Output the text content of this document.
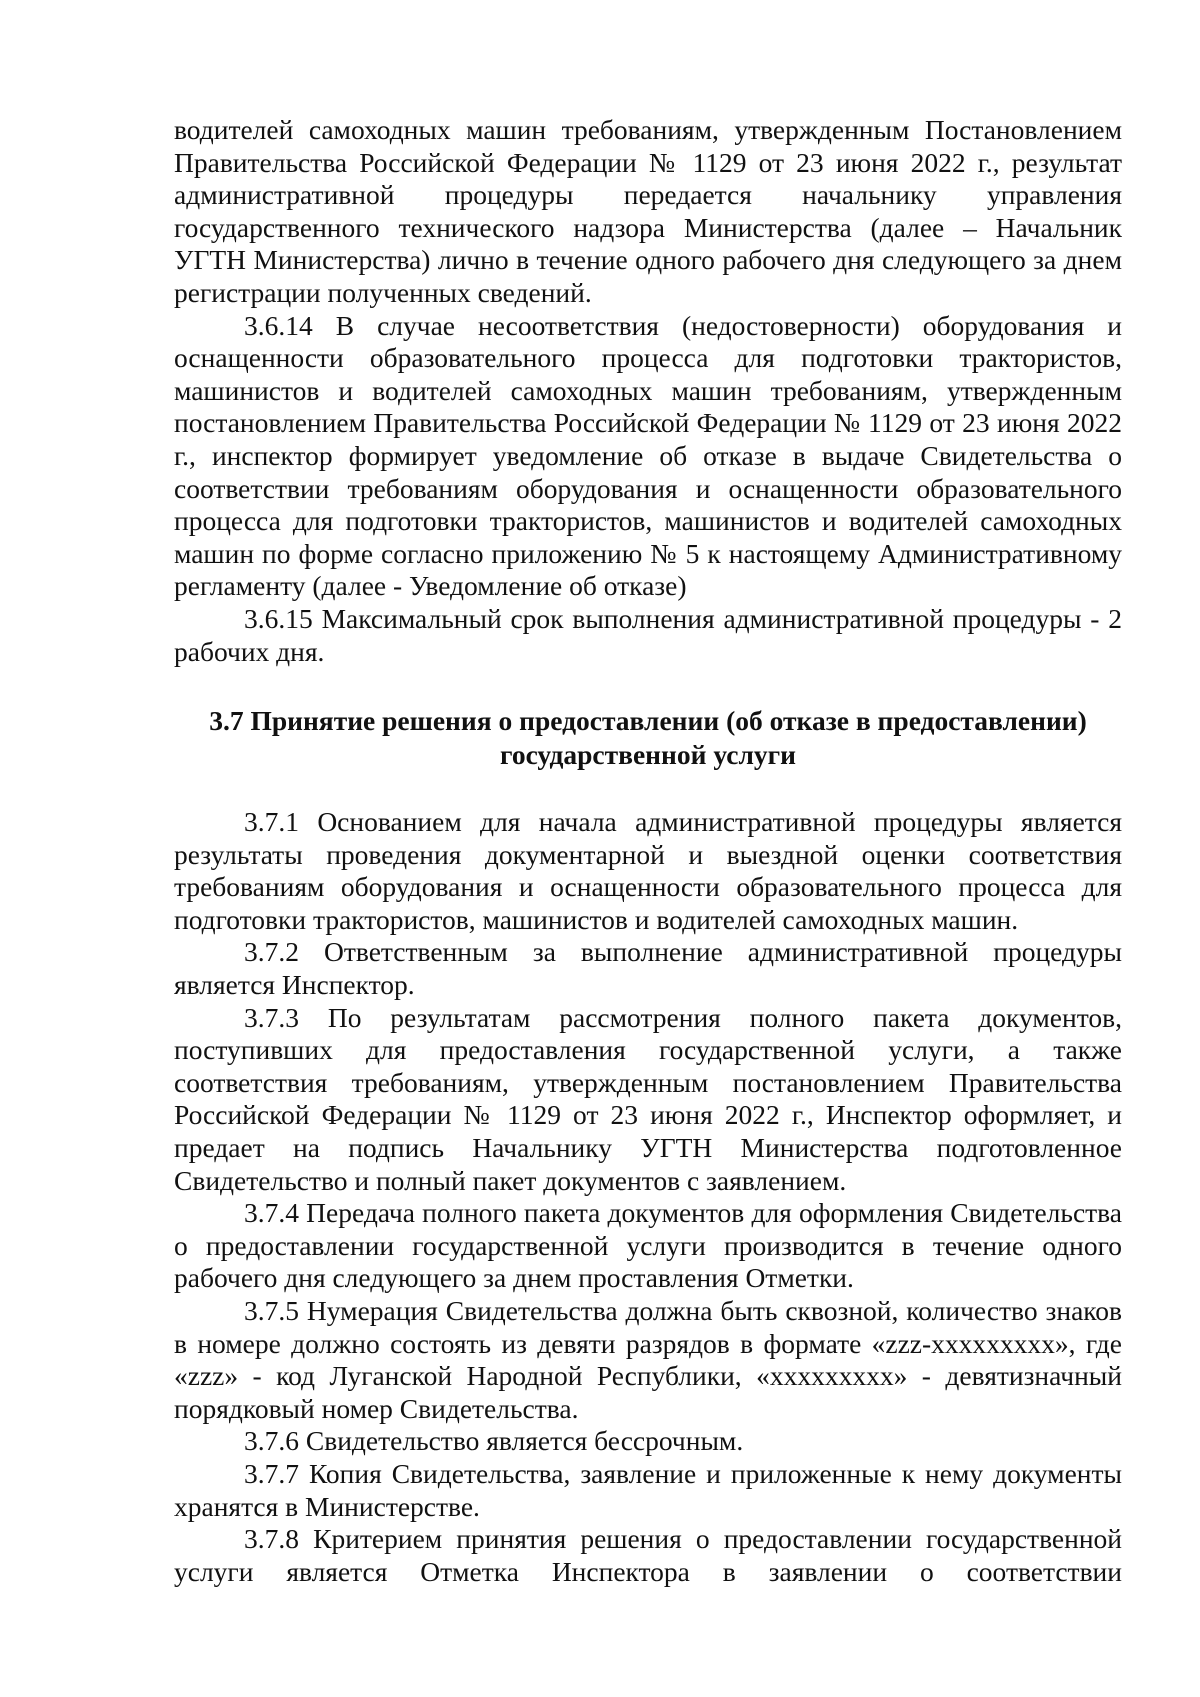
водителей самоходных машин требованиям, утвержденным Постановлением Правительства Российской Федерации № 1129 от 23 июня 2022 г., результат административной процедуры передается начальнику управления государственного технического надзора Министерства (далее – Начальник УГТН Министерства) лично в течение одного рабочего дня следующего за днем регистрации полученных сведений.

3.6.14 В случае несоответствия (недостоверности) оборудования и оснащенности образовательного процесса для подготовки трактористов, машинистов и водителей самоходных машин требованиям, утвержденным постановлением Правительства Российской Федерации № 1129 от 23 июня 2022 г., инспектор формирует уведомление об отказе в выдаче Свидетельства о соответствии требованиям оборудования и оснащенности образовательного процесса для подготовки трактористов, машинистов и водителей самоходных машин по форме согласно приложению № 5 к настоящему Административному регламенту (далее - Уведомление об отказе)

3.6.15 Максимальный срок выполнения административной процедуры - 2 рабочих дня.

3.7 Принятие решения о предоставлении (об отказе в предоставлении)
государственной услуги

3.7.1 Основанием для начала административной процедуры является результаты проведения документарной и выездной оценки соответствия требованиям оборудования и оснащенности образовательного процесса для подготовки трактористов, машинистов и водителей самоходных машин.

3.7.2 Ответственным за выполнение административной процедуры является Инспектор.

3.7.3 По результатам рассмотрения полного пакета документов, поступивших для предоставления государственной услуги, а также соответствия требованиям, утвержденным постановлением Правительства Российской Федерации № 1129 от 23 июня 2022 г., Инспектор оформляет, и предает на подпись Начальнику УГТН Министерства подготовленное Свидетельство и полный пакет документов с заявлением.

3.7.4 Передача полного пакета документов для оформления Свидетельства о предоставлении государственной услуги производится в течение одного рабочего дня следующего за днем проставления Отметки.

3.7.5 Нумерация Свидетельства должна быть сквозной, количество знаков в номере должно состоять из девяти разрядов в формате «zzz-xxxxxxxxx», где «zzz» - код Луганской Народной Республики, «xxxxxxxxx» - девятизначный порядковый номер Свидетельства.

3.7.6 Свидетельство является бессрочным.

3.7.7 Копия Свидетельства, заявление и приложенные к нему документы хранятся в Министерстве.

3.7.8 Критерием принятия решения о предоставлении государственной услуги является Отметка Инспектора в заявлении о соответствии
